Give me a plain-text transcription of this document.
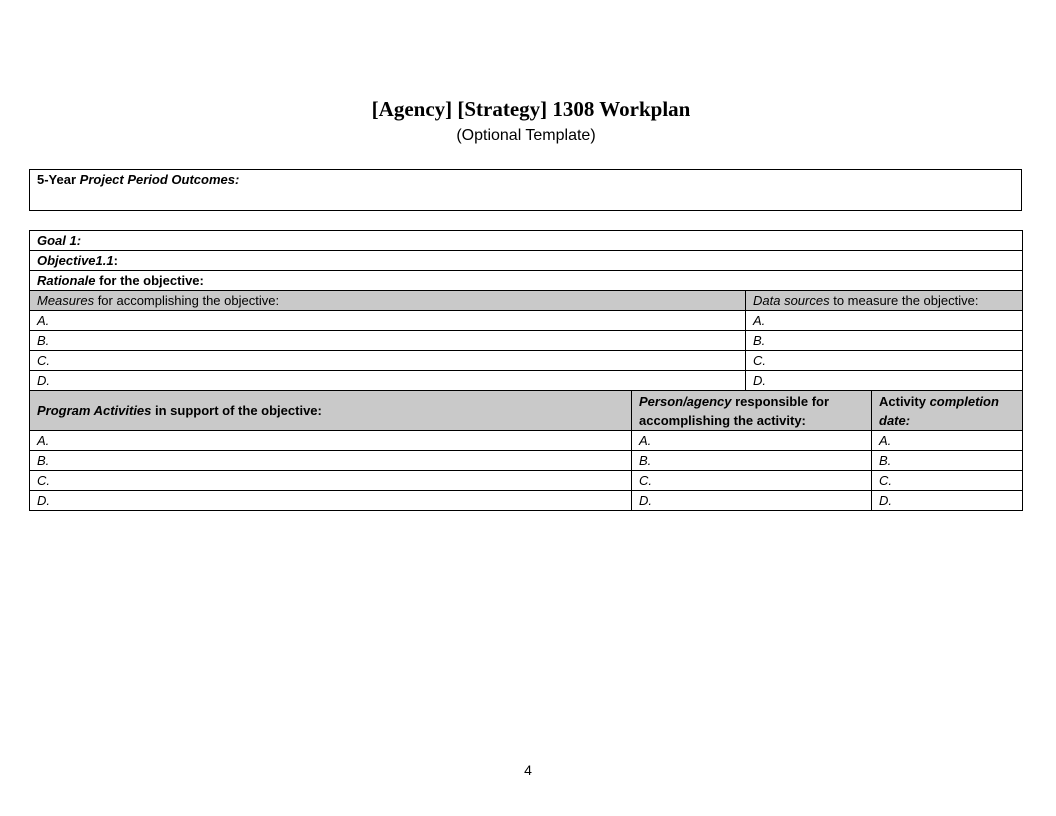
[Agency] [Strategy] 1308 Workplan
(Optional Template)
5-Year Project Period Outcomes:
Goal 1:			
Objective1.1:			
Rationale for the objective:			
Measures for accomplishing the objective:		Data sources to measure the objective:	
A.		A.	
B.		B.	
C.		C.	
D.		D.	
Program Activities in support of the objective:	Person/agency responsible for accomplishing the activity:		Activity completion date:
A.	A.		A.
B.	B.		B.
C.	C.		C.
D.	D.		D.
4
